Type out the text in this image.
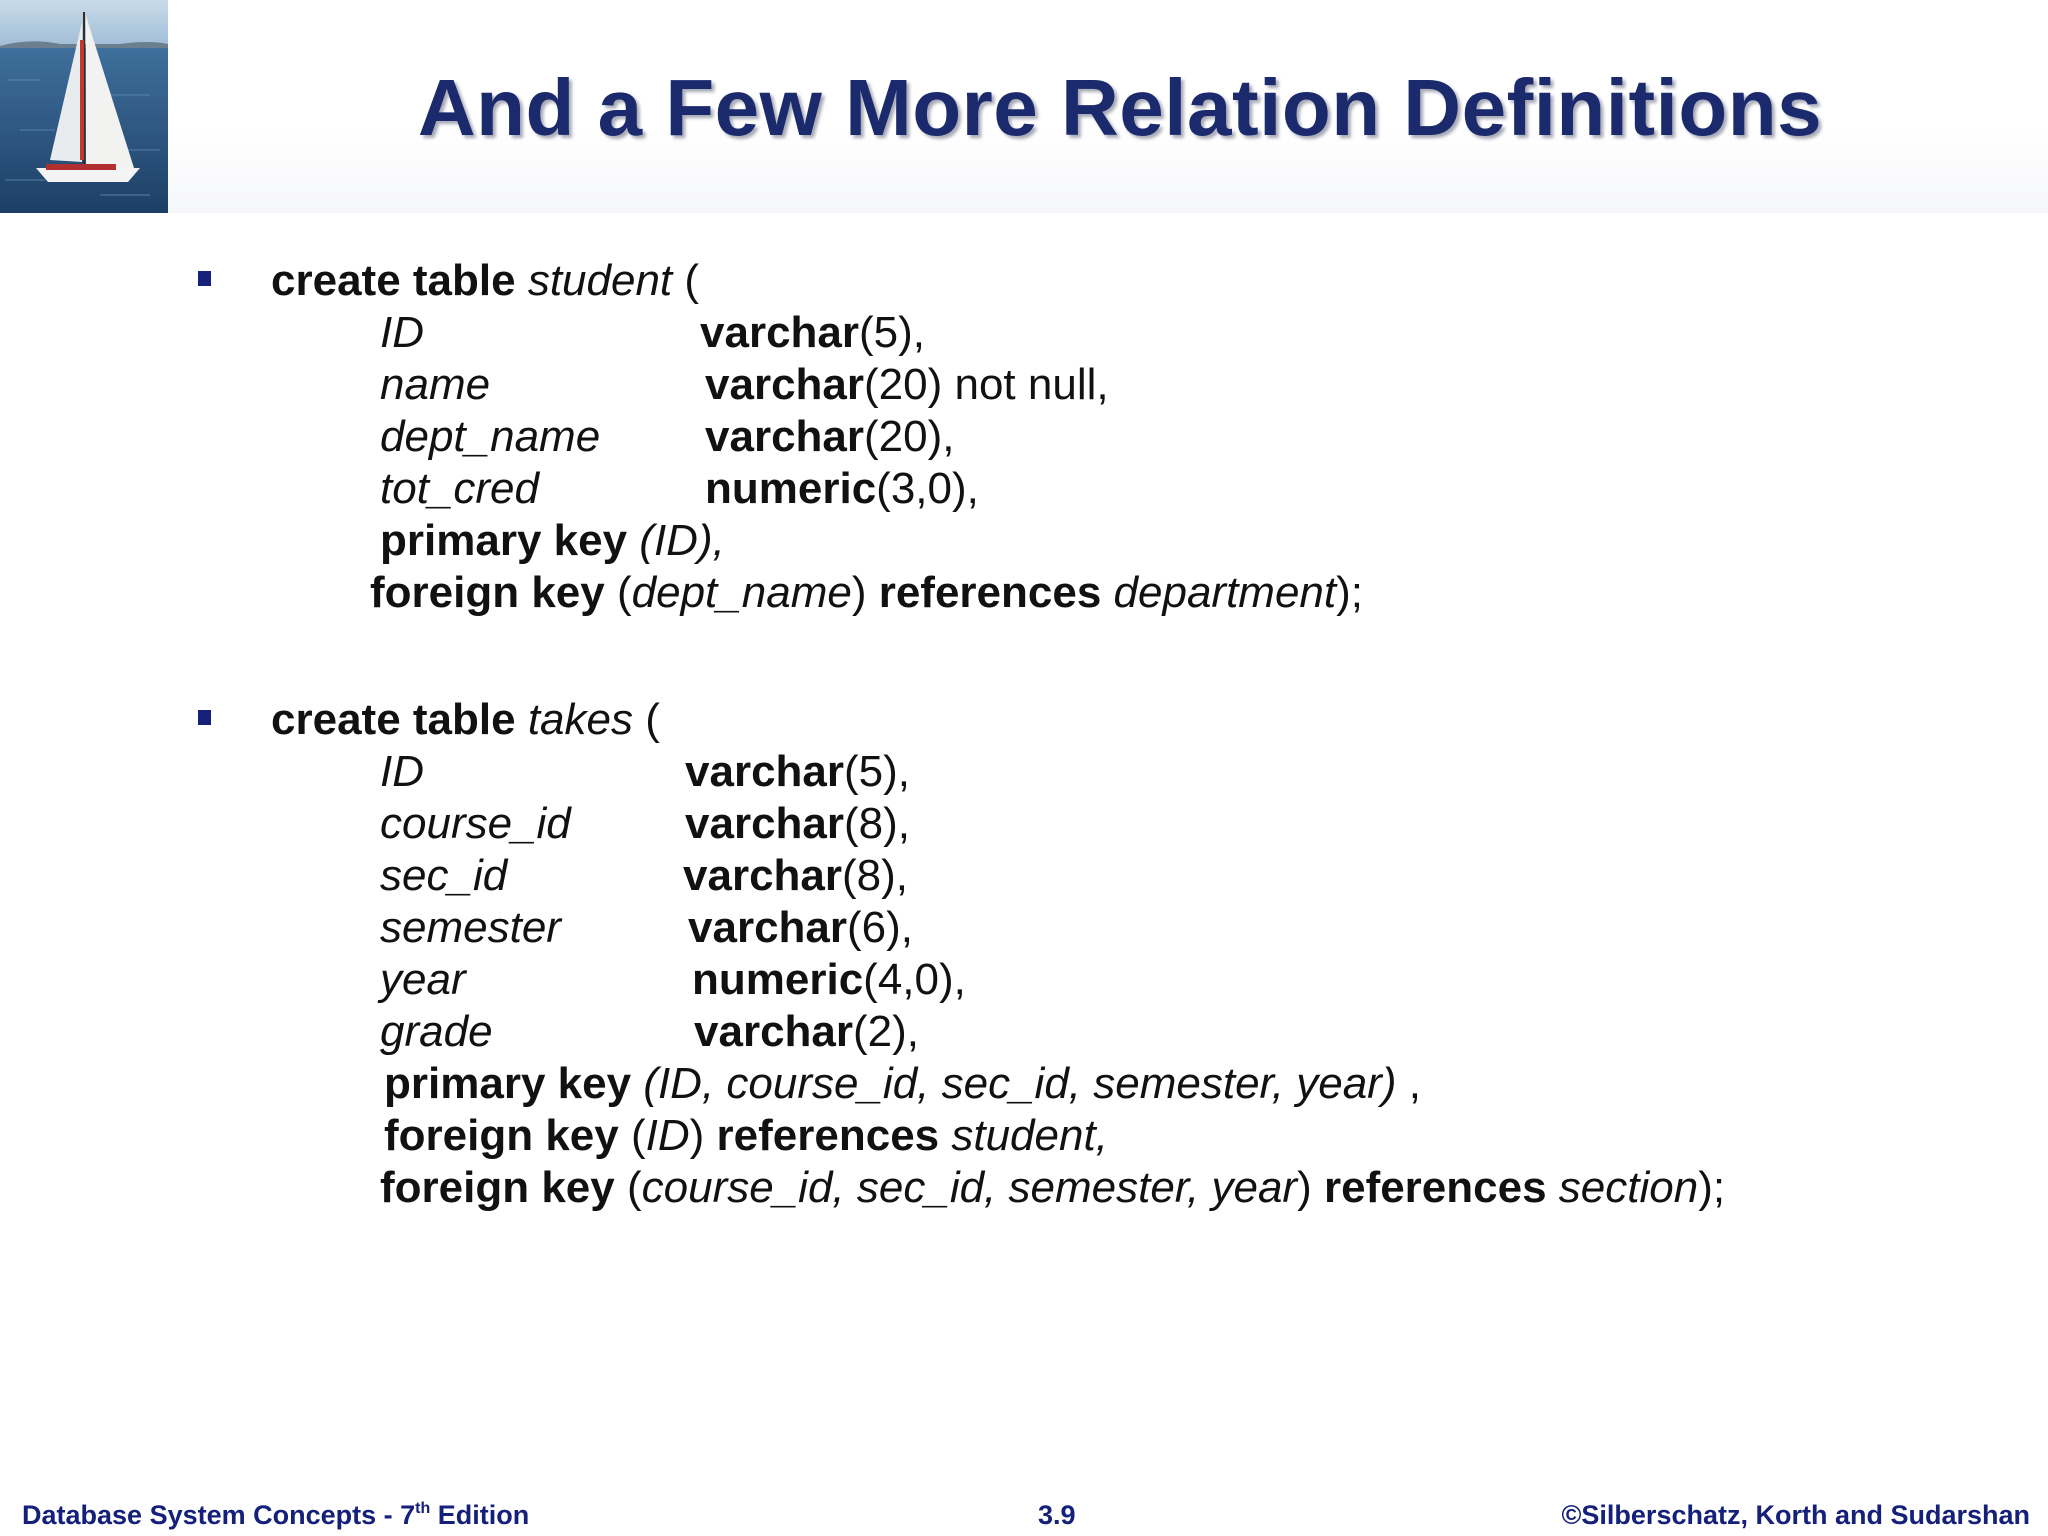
And a Few More Relation Definitions
create table student (
ID	varchar(5),
name	varchar(20) not null,
dept_name varchar(20),
tot_cred	numeric(3,0),
primary key (ID),
foreign key (dept_name) references department);
create table takes (
ID	varchar(5),
course_id	varchar(8),
sec_id	varchar(8),
semester	varchar(6),
year	numeric(4,0),
grade	varchar(2),
primary key (ID, course_id, sec_id, semester, year) ,
foreign key (ID) references student,
foreign key (course_id, sec_id, semester, year) references section);
Database System Concepts - 7th Edition	3.9	©Silberschatz, Korth and Sudarshan
